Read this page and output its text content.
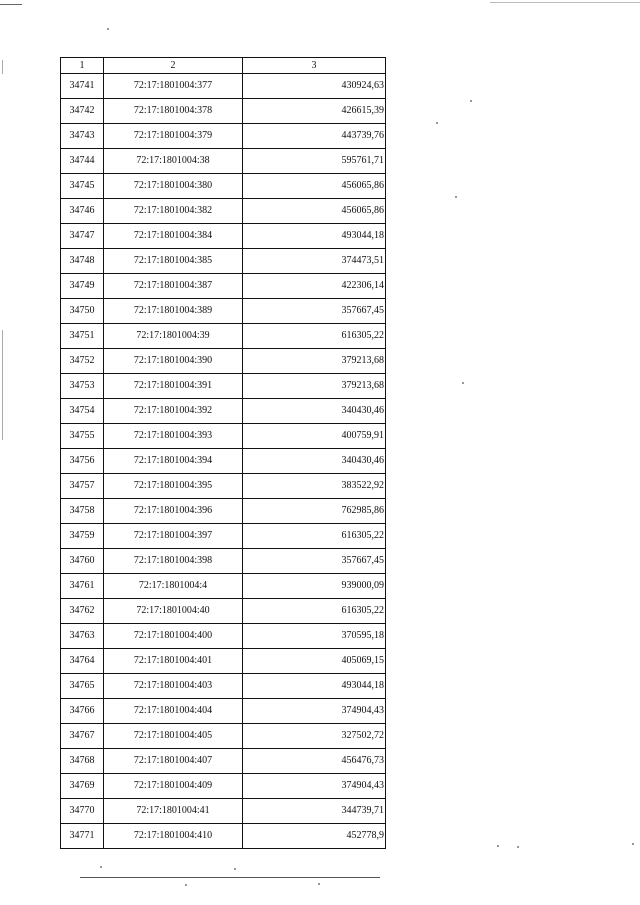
1	2	3
34741	72:17:1801004:377	430924,63
34742	72:17:1801004:378	426615,39
34743	72:17:1801004:379	443739,76
34744	72:17:1801004:38	595761,71
34745	72:17:1801004:380	456065,86
34746	72:17:1801004:382	456065,86
34747	72:17:1801004:384	493044,18
34748	72:17:1801004:385	374473,51
34749	72:17:1801004:387	422306,14
34750	72:17:1801004:389	357667,45
34751	72:17:1801004:39	616305,22
34752	72:17:1801004:390	379213,68
34753	72:17:1801004:391	379213,68
34754	72:17:1801004:392	340430,46
34755	72:17:1801004:393	400759,91
34756	72:17:1801004:394	340430,46
34757	72:17:1801004:395	383522,92
34758	72:17:1801004:396	762985,86
34759	72:17:1801004:397	616305,22
34760	72:17:1801004:398	357667,45
34761	72:17:1801004:4	939000,09
34762	72:17:1801004:40	616305,22
34763	72:17:1801004:400	370595,18
34764	72:17:1801004:401	405069,15
34765	72:17:1801004:403	493044,18
34766	72:17:1801004:404	374904,43
34767	72:17:1801004:405	327502,72
34768	72:17:1801004:407	456476,73
34769	72:17:1801004:409	374904,43
34770	72:17:1801004:41	344739,71
34771	72:17:1801004:410	452778,9
